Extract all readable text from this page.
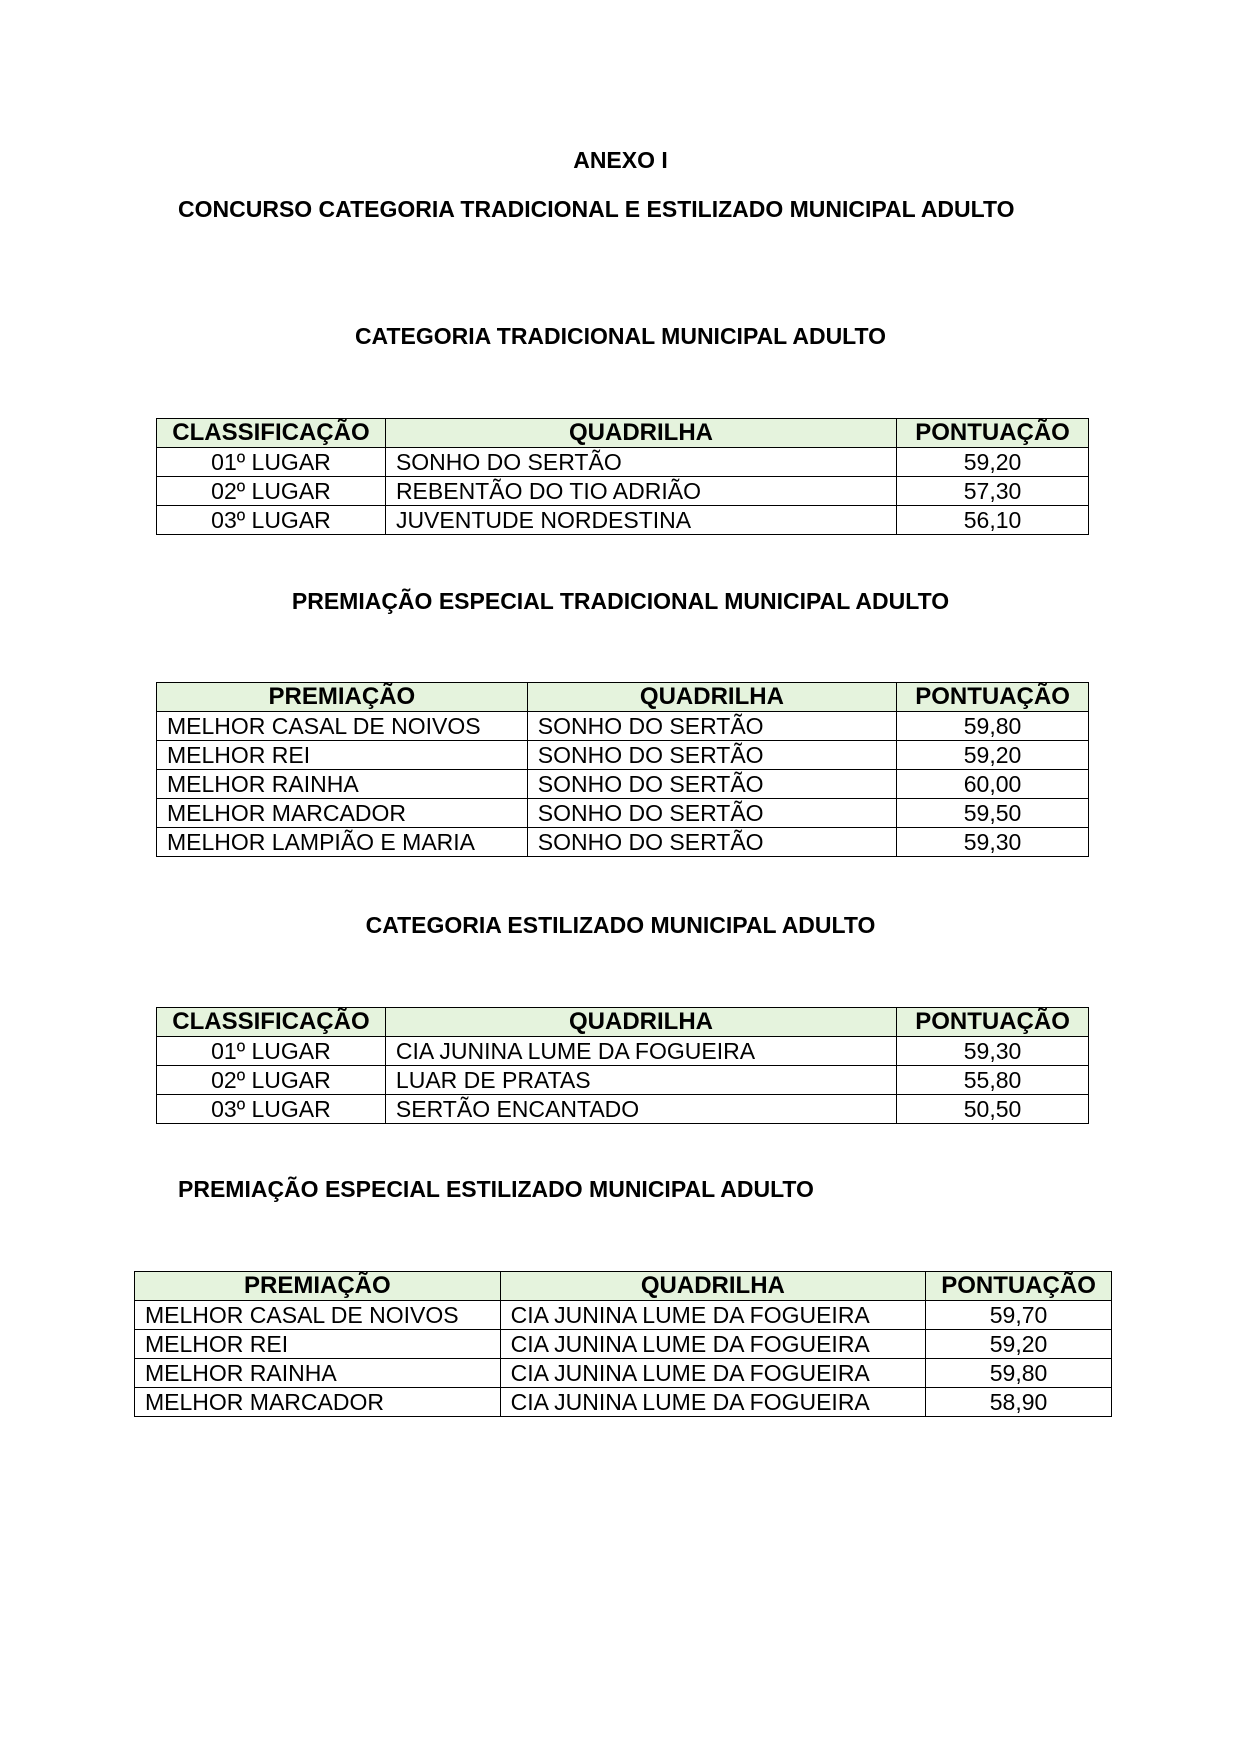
ANEXO I
CONCURSO CATEGORIA TRADICIONAL E ESTILIZADO MUNICIPAL ADULTO
CATEGORIA TRADICIONAL MUNICIPAL ADULTO
CLASSIFICAÇÃO	QUADRILHA	PONTUAÇÃO
01º LUGAR	SONHO DO SERTÃO	59,20
02º LUGAR	REBENTÃO DO TIO ADRIÃO	57,30
03º LUGAR	JUVENTUDE NORDESTINA	56,10
PREMIAÇÃO ESPECIAL TRADICIONAL MUNICIPAL ADULTO
PREMIAÇÃO	QUADRILHA	PONTUAÇÃO
MELHOR CASAL DE NOIVOS	SONHO DO SERTÃO	59,80
MELHOR REI	SONHO DO SERTÃO	59,20
MELHOR RAINHA	SONHO DO SERTÃO	60,00
MELHOR MARCADOR	SONHO DO SERTÃO	59,50
MELHOR LAMPIÃO E MARIA	SONHO DO SERTÃO	59,30
CATEGORIA ESTILIZADO MUNICIPAL ADULTO
CLASSIFICAÇÃO	QUADRILHA	PONTUAÇÃO
01º LUGAR	CIA JUNINA LUME DA FOGUEIRA	59,30
02º LUGAR	LUAR DE PRATAS	55,80
03º LUGAR	SERTÃO ENCANTADO	50,50
PREMIAÇÃO ESPECIAL ESTILIZADO MUNICIPAL ADULTO
PREMIAÇÃO	QUADRILHA	PONTUAÇÃO
MELHOR CASAL DE NOIVOS	CIA JUNINA LUME DA FOGUEIRA	59,70
MELHOR REI	CIA JUNINA LUME DA FOGUEIRA	59,20
MELHOR RAINHA	CIA JUNINA LUME DA FOGUEIRA	59,80
MELHOR MARCADOR	CIA JUNINA LUME DA FOGUEIRA	58,90
